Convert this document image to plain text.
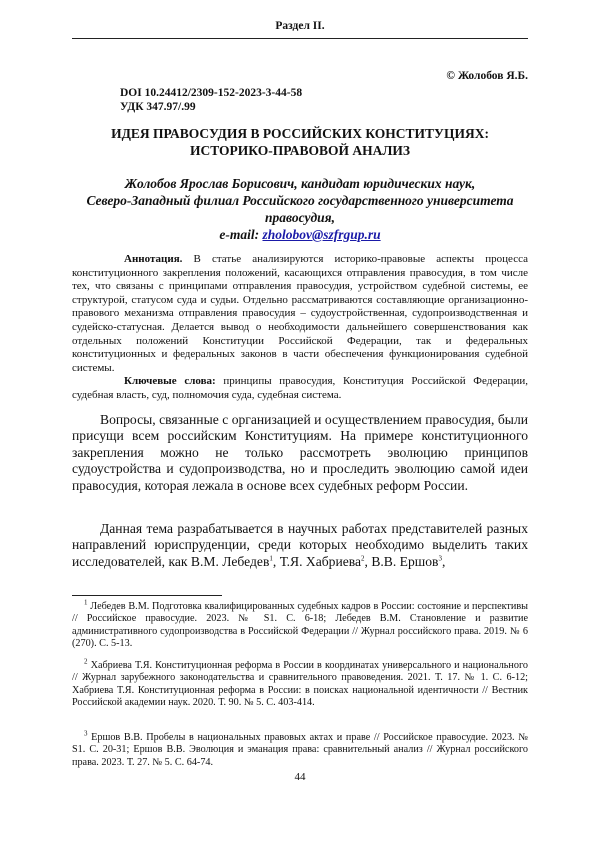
Раздел II.
© Жолобов Я.Б.
DOI 10.24412/2309-152-2023-3-44-58
УДК 347.97/.99
ИДЕЯ ПРАВОСУДИЯ В РОССИЙСКИХ КОНСТИТУЦИЯХ:
ИСТОРИКО-ПРАВОВОЙ АНАЛИЗ
Жолобов Ярослав Борисович, кандидат юридических наук,
Северо-Западный филиал Российского государственного университета
правосудия,
e-mail: zholobov@szfrgup.ru

Аннотация. В статье анализируются историко-правовые аспекты процесса конституционного закрепления положений, касающихся отправления правосудия, в том числе тех, что связаны с принципами отправления правосудия, устройством судебной системы, ее структурой, статусом суда и судьи. Отдельно рассматриваются составляющие организационно-правового механизма отправления правосудия – судоустройственная, судопроизводственная и судейско-статусная. Делается вывод о необходимости дальнейшего совершенствования как отдельных положений Конституции Российской Федерации, так и федеральных конституционных и федеральных законов в части обеспечения функционирования судебной системы.

Ключевые слова: принципы правосудия, Конституция Российской Федерации, судебная власть, суд, полномочия суда, судебная система.

Вопросы, связанные с организацией и осуществлением правосудия, были присущи всем российским Конституциям. На примере конституционного закрепления можно не только рассмотреть эволюцию принципов судоустройства и судопроизводства, но и проследить эволюцию самой идеи правосудия, которая лежала в основе всех судебных реформ России.

Данная тема разрабатывается в научных работах представителей разных направлений юриспруденции, среди которых необходимо выделить таких исследователей, как В.М. Лебедев$^1$, Т.Я. Хабриева$^2$, В.В. Ершов$^3$,

$^1$ Лебедев В.М. Подготовка квалифицированных судебных кадров в России: состояние и перспективы // Российское правосудие. 2023. № S1. С. 6-18; Лебедев В.М. Становление и развитие административного судопроизводства в Российской Федерации // Журнал российского права. 2019. № 6 (270). С. 5-13.

$^2$ Хабриева Т.Я. Конституционная реформа в России в координатах универсального и национального // Журнал зарубежного законодательства и сравнительного правоведения. 2021. Т. 17. № 1. С. 6-12; Хабриева Т.Я. Конституционная реформа в России: в поисках национальной идентичности // Вестник Российской академии наук. 2020. Т. 90. № 5. С. 403-414.

$^3$ Ершов В.В. Пробелы в национальных правовых актах и праве // Российское правосудие. 2023. № S1. С. 20-31; Ершов В.В. Эволюция и эманация права: сравнительный анализ // Журнал российского права. 2023. Т. 27. № 5. С. 64-74.

44
